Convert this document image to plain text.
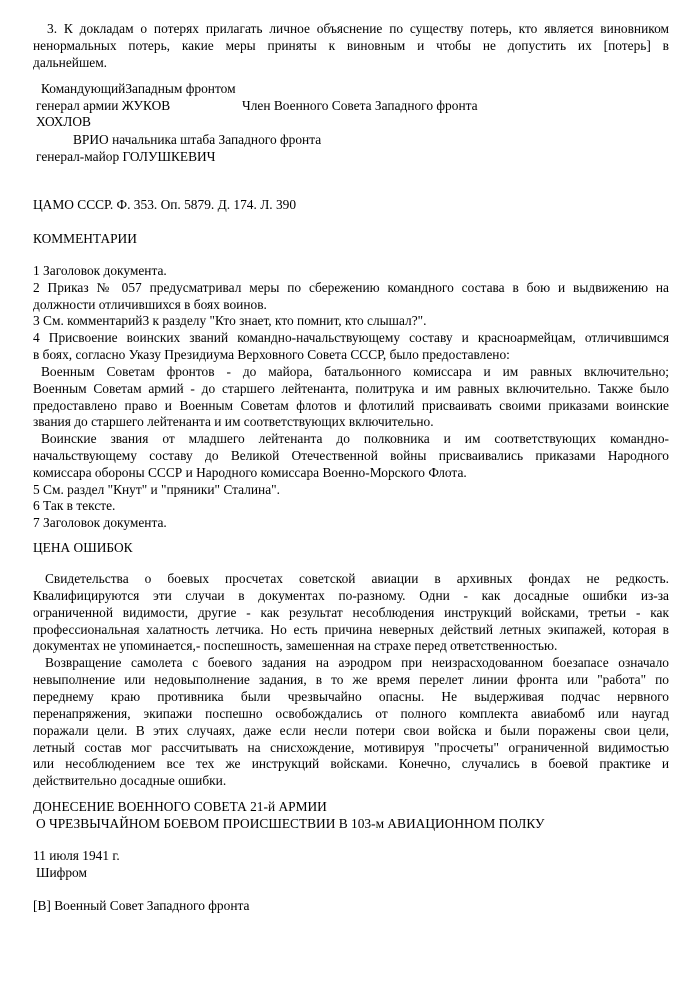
3. К докладам о потерях прилагать личное объяснение по существу потерь, кто является виновником
ненормальных потерь, какие меры приняты к виновным и чтобы не допустить их [потерь] в
дальнейшем.
КомандующийЗападным фронтом
генерал армии ЖУКОВ	Член Военного Совета Западного фронта
ХОХЛОВ
ВРИО начальника штаба Западного фронта
генерал-майор ГОЛУШКЕВИЧ
ЦАМО СССР. Ф. 353. Оп. 5879. Д. 174. Л. 390
КОММЕНТАРИИ
1 Заголовок документа.
2 Приказ № 057 предусматривал меры по сбережению командного состава в бою и выдвижению на
должности отличившихся в боях воинов.
3 См. комментарий3 к разделу "Кто знает, кто помнит, кто слышал?".
4 Присвоение воинских званий командно-начальствующему составу и красноармейцам, отличившимся
в боях, согласно Указу Президиума Верховного Совета СССР, было предоставлено:
Военным Советам фронтов - до майора, батальонного комиссара и им равных включительно;
Военным Советам армий - до старшего лейтенанта, политрука и им равных включительно. Также было
предоставлено право и Военным Советам флотов и флотилий присваивать своими приказами воинские
звания до старшего лейтенанта и им соответствующих включительно.
Воинские звания от младшего лейтенанта до полковника и им соответствующих командно-
начальствующему составу до Великой Отечественной войны присваивались приказами Народного
комиссара обороны СССР и Народного комиссара Военно-Морского Флота.
5 См. раздел "Кнут" и "пряники" Сталина".
6 Так в тексте.
7 Заголовок документа.
ЦЕНА ОШИБОК
Свидетельства о боевых просчетах советской авиации в архивных фондах не редкость.
Квалифицируются эти случаи в документах по-разному. Одни - как досадные ошибки из-за
ограниченной видимости, другие - как результат несоблюдения инструкций войсками, третьи - как
профессиональная халатность летчика. Но есть причина неверных действий летных экипажей, которая в
документах не упоминается,- поспешность, замешенная на страхе перед ответственностью.
Возвращение самолета с боевого задания на аэродром при неизрасходованном боезапасе означало
невыполнение или недовыполнение задания, в то же время перелет линии фронта или "работа" по
переднему краю противника были чрезвычайно опасны. Не выдерживая подчас нервного
перенапряжения, экипажи поспешно освобождались от полного комплекта авиабомб или наугад
поражали цели. В этих случаях, даже если несли потери свои войска и были поражены свои цели,
летный состав мог рассчитывать на снисхождение, мотивируя "просчеты" ограниченной видимостью
или несоблюдением все тех же инструкций войсками. Конечно, случались в боевой практике и
действительно досадные ошибки.
ДОНЕСЕНИЕ ВОЕННОГО СОВЕТА 21-й АРМИИ
О ЧРЕЗВЫЧАЙНОМ БОЕВОМ ПРОИСШЕСТВИИ В 103-м АВИАЦИОННОМ ПОЛКУ
11 июля 1941 г.
Шифром
[В] Военный Совет Западного фронта
